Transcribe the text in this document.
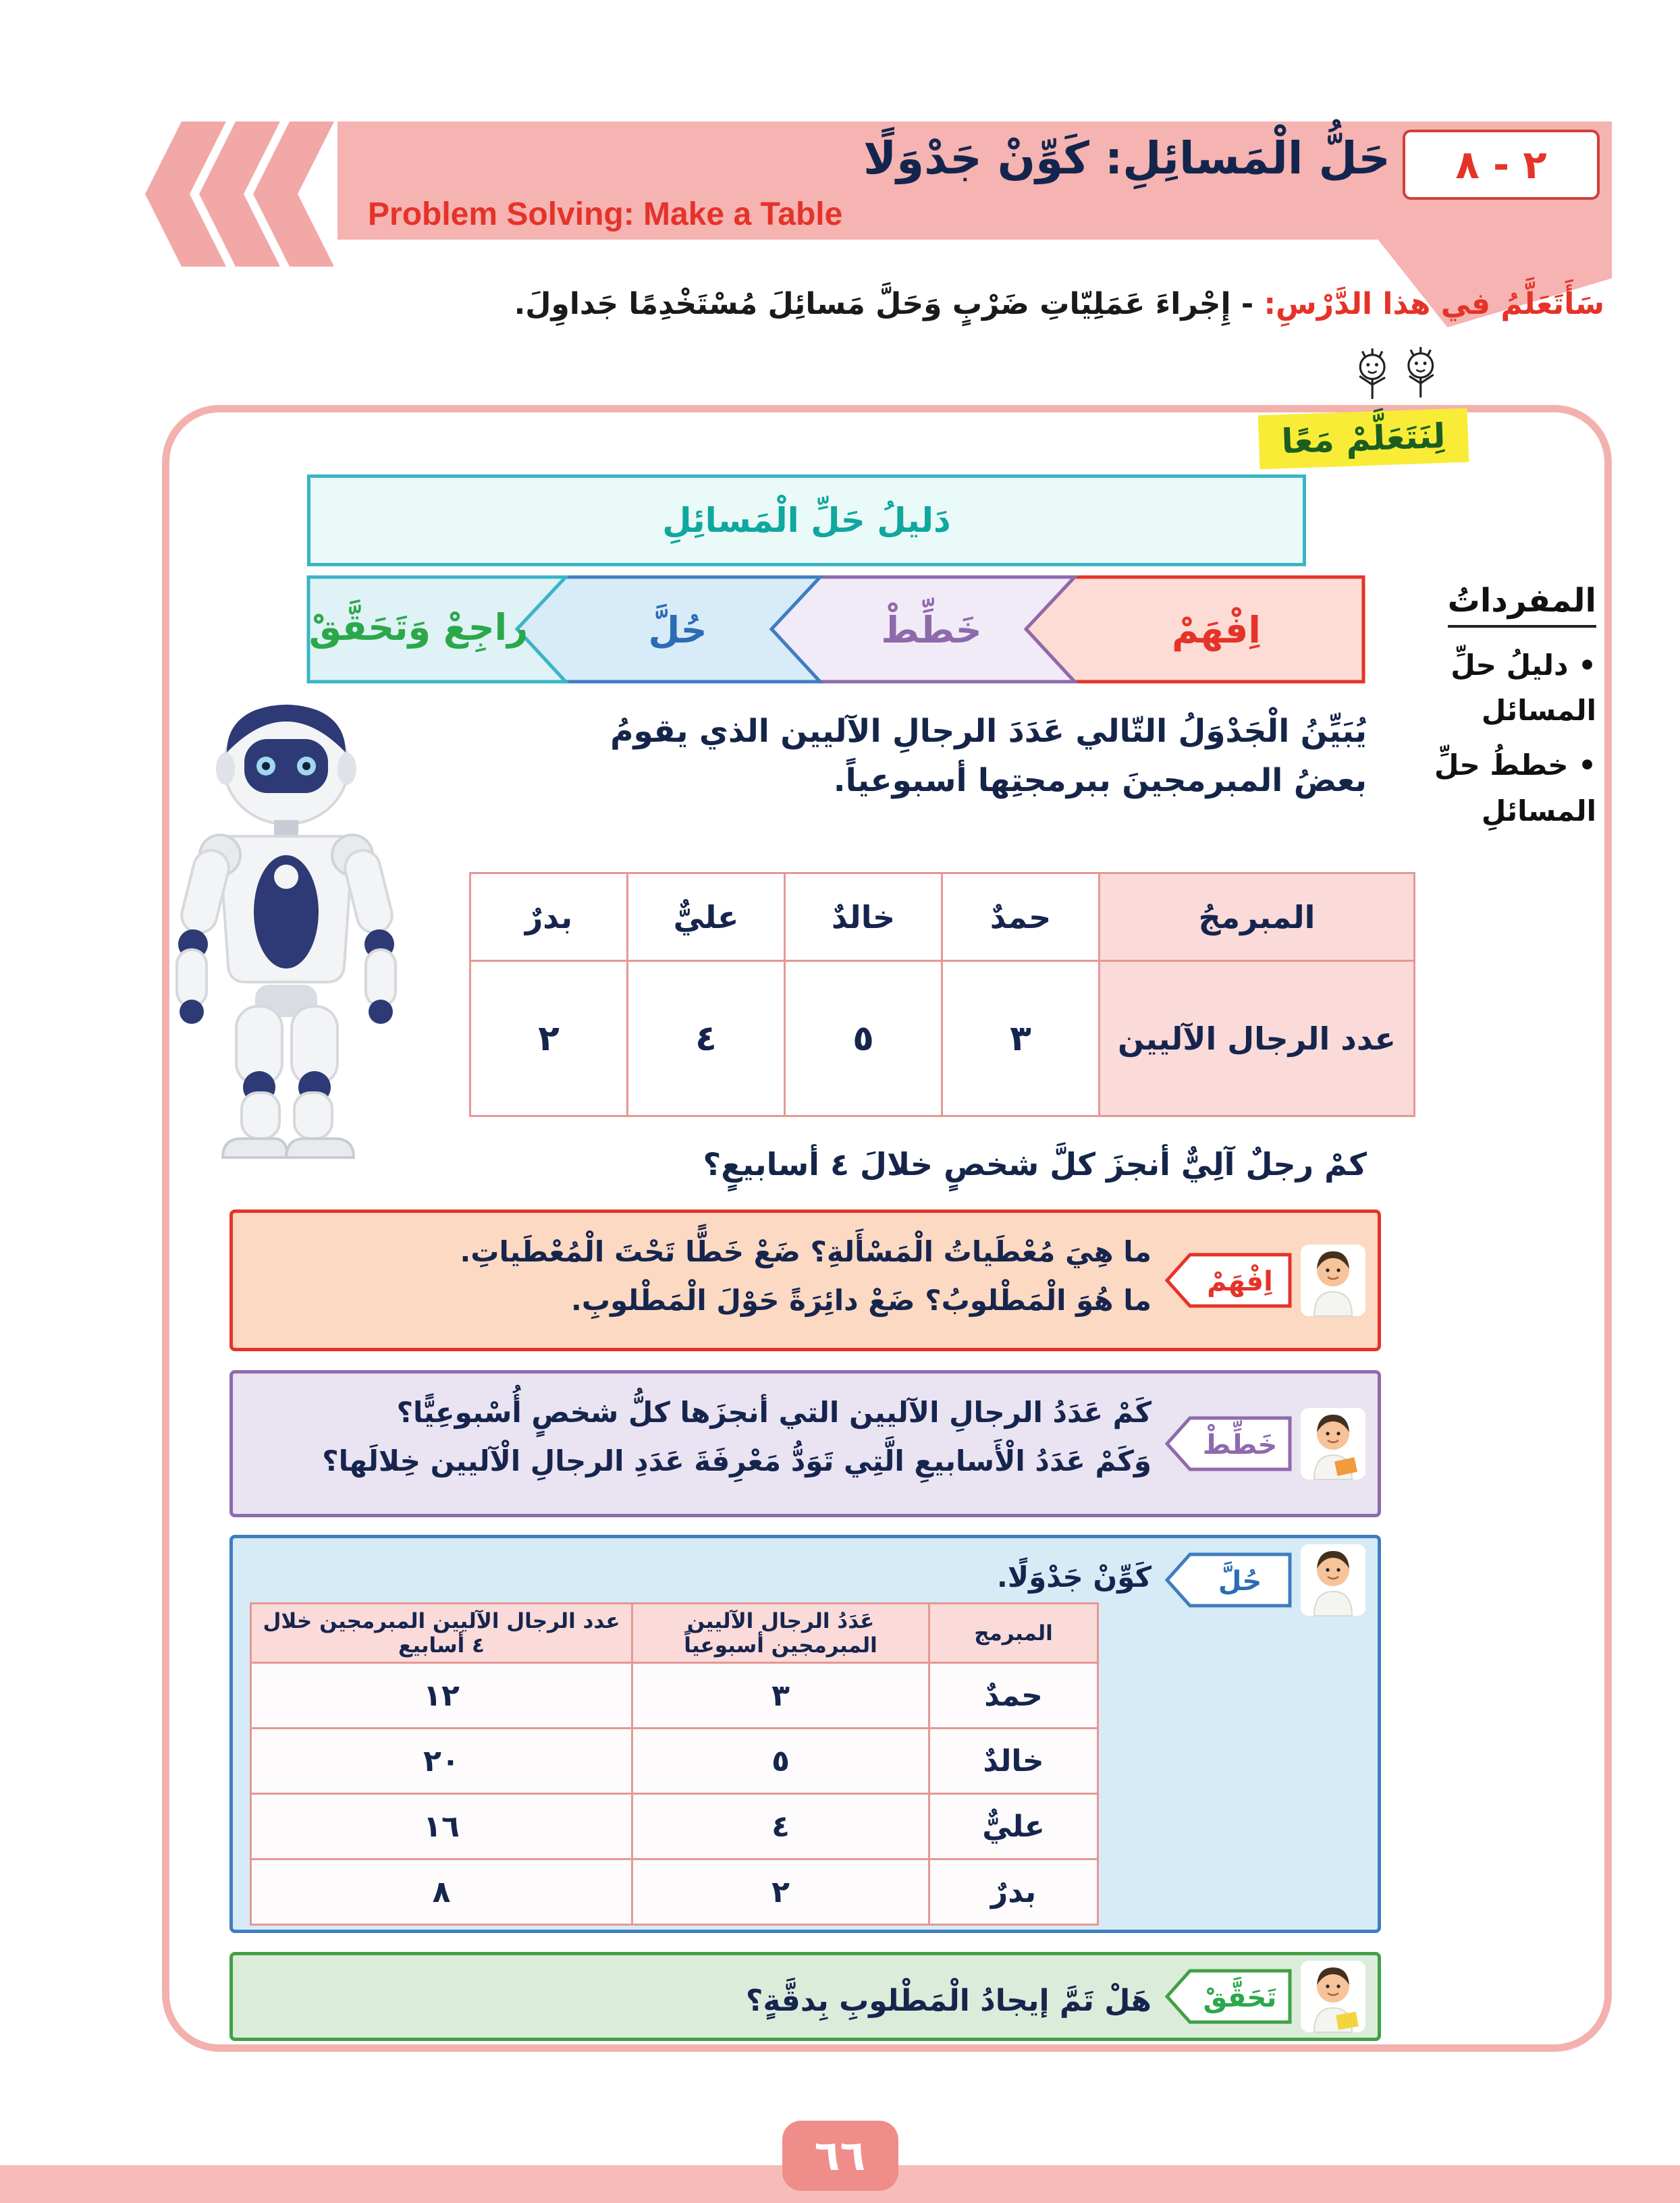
حَلُّ الْمَسائِلِ: كَوِّنْ جَدْوَلًا
Problem Solving: Make a Table
٢ - ٨
سَأَتَعَلَّمُ في هذا الدَّرْسِ: - إِجْراءَ عَمَلِيّاتِ ضَرْبٍ وَحَلَّ مَسائِلَ مُسْتَخْدِمًا جَداوِلَ.
لِنَتَعَلَّمْ مَعًا
دَليلُ حَلِّ الْمَسائِلِ
اِفْهَمْ
خَطِّطْ
حُلَّ
راجِعْ وَتَحَقَّقْ
المفرداتُ
• دليلُ حلِّ المسائل
• خططُ حلِّ المسائلِ
يُبَيِّنُ الْجَدْوَلُ التّالي عَدَدَ الرجالِ الآليين الذي يقومُ بعضُ المبرمجينَ ببرمجتِها أسبوعياً.
المبرمجُ	حمدٌ	خالدٌ	عليٌّ	بدرٌ
عدد الرجال الآليين	٣	٥	٤	٢
كمْ رجلٌ آلِيٌّ أنجزَ كلَّ شخصٍ خلالَ ٤ أسابيعٍ؟
ما هِيَ مُعْطَياتُ الْمَسْأَلةِ؟ ضَعْ خَطًّا تَحْتَ الْمُعْطَياتِ.
ما هُوَ الْمَطْلوبُ؟ ضَعْ دائِرَةً حَوْلَ الْمَطْلوبِ.
اِفْهَمْ
كَمْ عَدَدُ الرجالِ الآليين التي أنجزَها كلُّ شخصٍ أُسْبوعِيًّا؟
وَكَمْ عَدَدُ الْأَسابيعِ الَّتِي تَوَدُّ مَعْرِفَةَ عَدَدِ الرجالِ الْآليين خِلالَها؟ خَطِّطْ
كَوِّنْ جَدْوَلًا.	حُلَّ
المبرمج	عَدَدُ الرجال الآليين المبرمجين أسبوعياً	عدد الرجال الآليين المبرمجين خلال ٤ أسابيع
حمدٌ	٣	١٢
خالدٌ	٥	٢٠
عليٌّ	٤	١٦
بدرٌ	٢	٨
هَلْ تَمَّ إيجادُ الْمَطْلوبِ بِدقَّةٍ؟	تَحَقَّقْ
٦٦
